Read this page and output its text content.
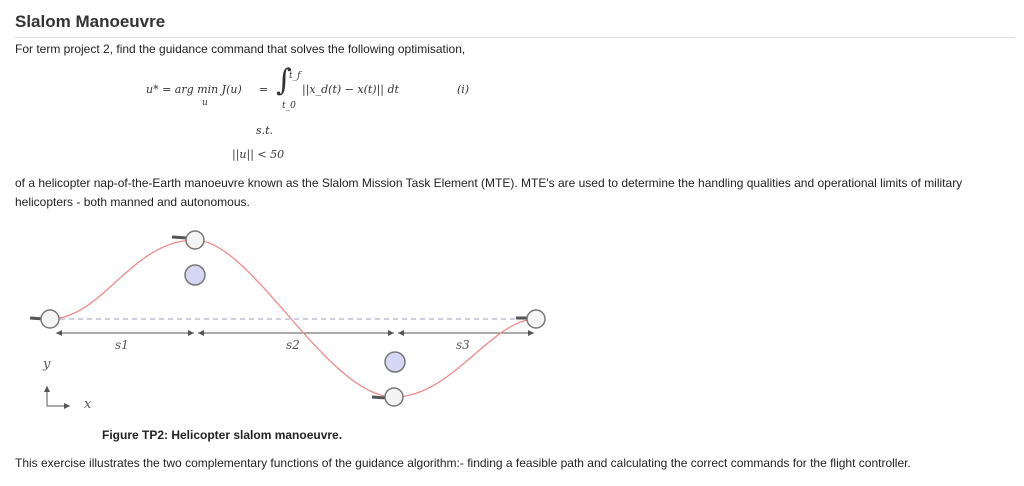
Slalom Manoeuvre

For term project 2, find the guidance command that solves the following optimisation,

u* = arg min J(u)
u
= ∫
t_f
t_0
||x_d(t) − x(t)|| dt	(i)
s.t.
||u|| < 50

of a helicopter nap-of-the-Earth manoeuvre known as the Slalom Mission Task Element (MTE). MTE's are used to determine the handling qualities and operational limits of military helicopters - both manned and autonomous.

s1	s2	s3
y
x

Figure TP2: Helicopter slalom manoeuvre.

This exercise illustrates the two complementary functions of the guidance algorithm:- finding a feasible path and calculating the correct commands for the flight controller.
